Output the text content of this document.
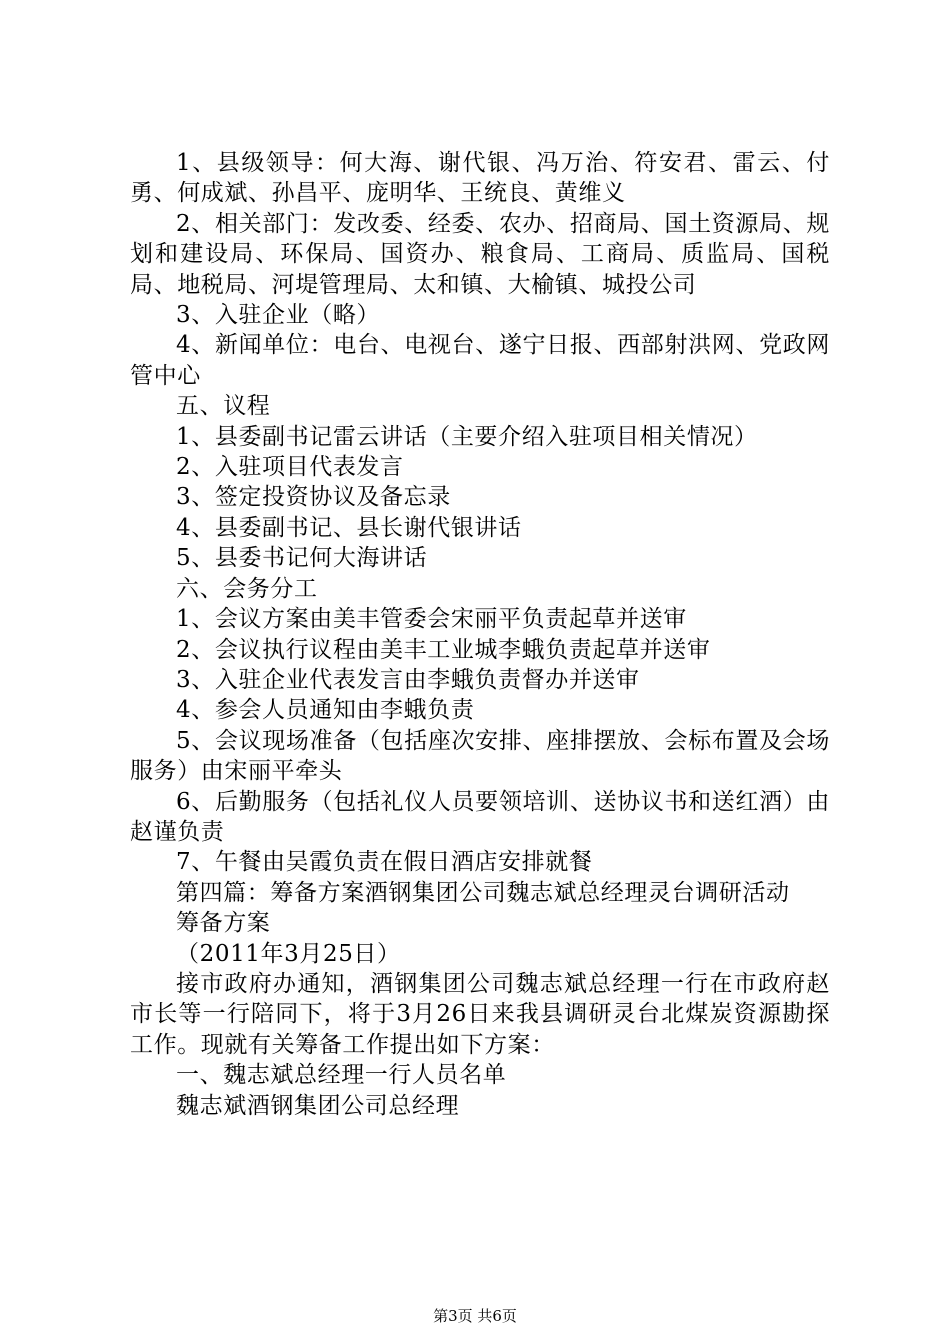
1、县级领导：何大海、谢代银、冯万治、符安君、雷云、付勇、何成斌、孙昌平、庞明华、王统良、黄维义

2、相关部门：发改委、经委、农办、招商局、国土资源局、规划和建设局、环保局、国资办、粮食局、工商局、质监局、国税局、地税局、河堤管理局、太和镇、大榆镇、城投公司

3、入驻企业（略）

4、新闻单位：电台、电视台、遂宁日报、西部射洪网、党政网管中心

五、议程

1、县委副书记雷云讲话（主要介绍入驻项目相关情况）

2、入驻项目代表发言

3、签定投资协议及备忘录

4、县委副书记、县长谢代银讲话

5、县委书记何大海讲话

六、会务分工

1、会议方案由美丰管委会宋丽平负责起草并送审

2、会议执行议程由美丰工业城李蛾负责起草并送审

3、入驻企业代表发言由李蛾负责督办并送审

4、参会人员通知由李蛾负责

5、会议现场准备（包括座次安排、座排摆放、会标布置及会场服务）由宋丽平牵头

6、后勤服务（包括礼仪人员要领培训、送协议书和送红酒）由赵谨负责

7、午餐由吴霞负责在假日酒店安排就餐

第四篇：筹备方案酒钢集团公司魏志斌总经理灵台调研活动

筹备方案

（2011年3月25日）

接市政府办通知，酒钢集团公司魏志斌总经理一行在市政府赵市长等一行陪同下，将于3月26日来我县调研灵台北煤炭资源勘探工作。现就有关筹备工作提出如下方案：

一、魏志斌总经理一行人员名单

魏志斌酒钢集团公司总经理

第3页 共6页
